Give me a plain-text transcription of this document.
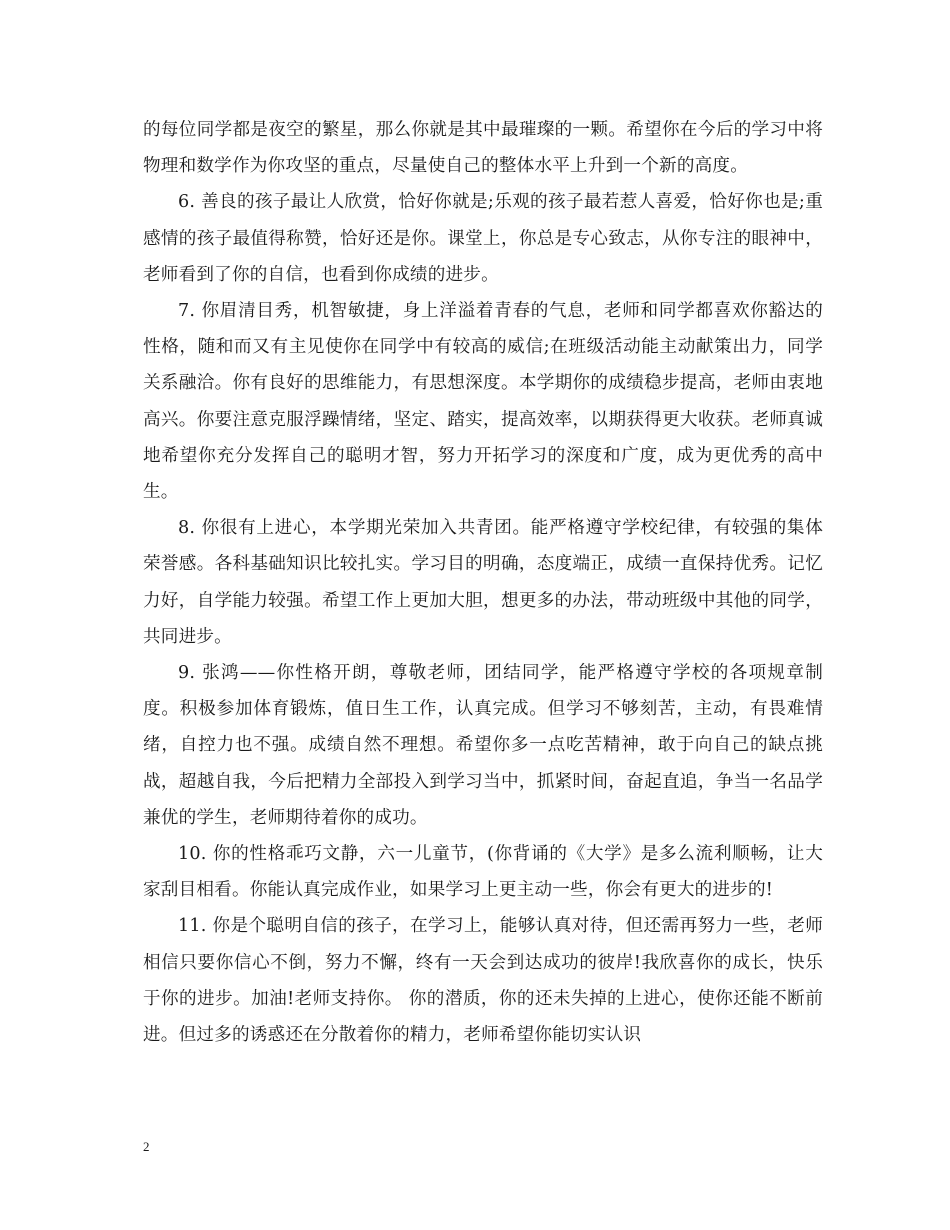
的每位同学都是夜空的繁星，那么你就是其中最璀璨的一颗。希望你在今后的学习中将物理和数学作为你攻坚的重点，尽量使自己的整体水平上升到一个新的高度。

6. 善良的孩子最让人欣赏，恰好你就是;乐观的孩子最若惹人喜爱，恰好你也是;重感情的孩子最值得称赞，恰好还是你。课堂上，你总是专心致志，从你专注的眼神中，老师看到了你的自信，也看到你成绩的进步。

7. 你眉清目秀，机智敏捷，身上洋溢着青春的气息，老师和同学都喜欢你豁达的性格，随和而又有主见使你在同学中有较高的威信;在班级活动能主动献策出力，同学关系融洽。你有良好的思维能力，有思想深度。本学期你的成绩稳步提高，老师由衷地高兴。你要注意克服浮躁情绪，坚定、踏实，提高效率，以期获得更大收获。老师真诚地希望你充分发挥自己的聪明才智，努力开拓学习的深度和广度，成为更优秀的高中生。

8. 你很有上进心，本学期光荣加入共青团。能严格遵守学校纪律，有较强的集体荣誉感。各科基础知识比较扎实。学习目的明确，态度端正，成绩一直保持优秀。记忆力好，自学能力较强。希望工作上更加大胆，想更多的办法，带动班级中其他的同学，共同进步。

9. 张鸿——你性格开朗，尊敬老师，团结同学，能严格遵守学校的各项规章制度。积极参加体育锻炼，值日生工作，认真完成。但学习不够刻苦，主动，有畏难情绪，自控力也不强。成绩自然不理想。希望你多一点吃苦精神，敢于向自己的缺点挑战，超越自我，今后把精力全部投入到学习当中，抓紧时间，奋起直追，争当一名品学兼优的学生，老师期待着你的成功。

10. 你的性格乖巧文静，六一儿童节，(你背诵的《大学》是多么流利顺畅，让大家刮目相看。你能认真完成作业，如果学习上更主动一些，你会有更大的进步的!

11. 你是个聪明自信的孩子，在学习上，能够认真对待，但还需再努力一些，老师相信只要你信心不倒，努力不懈，终有一天会到达成功的彼岸!我欣喜你的成长，快乐于你的进步。加油!老师支持你。 你的潜质，你的还未失掉的上进心，使你还能不断前进。但过多的诱惑还在分散着你的精力，老师希望你能切实认识

2
